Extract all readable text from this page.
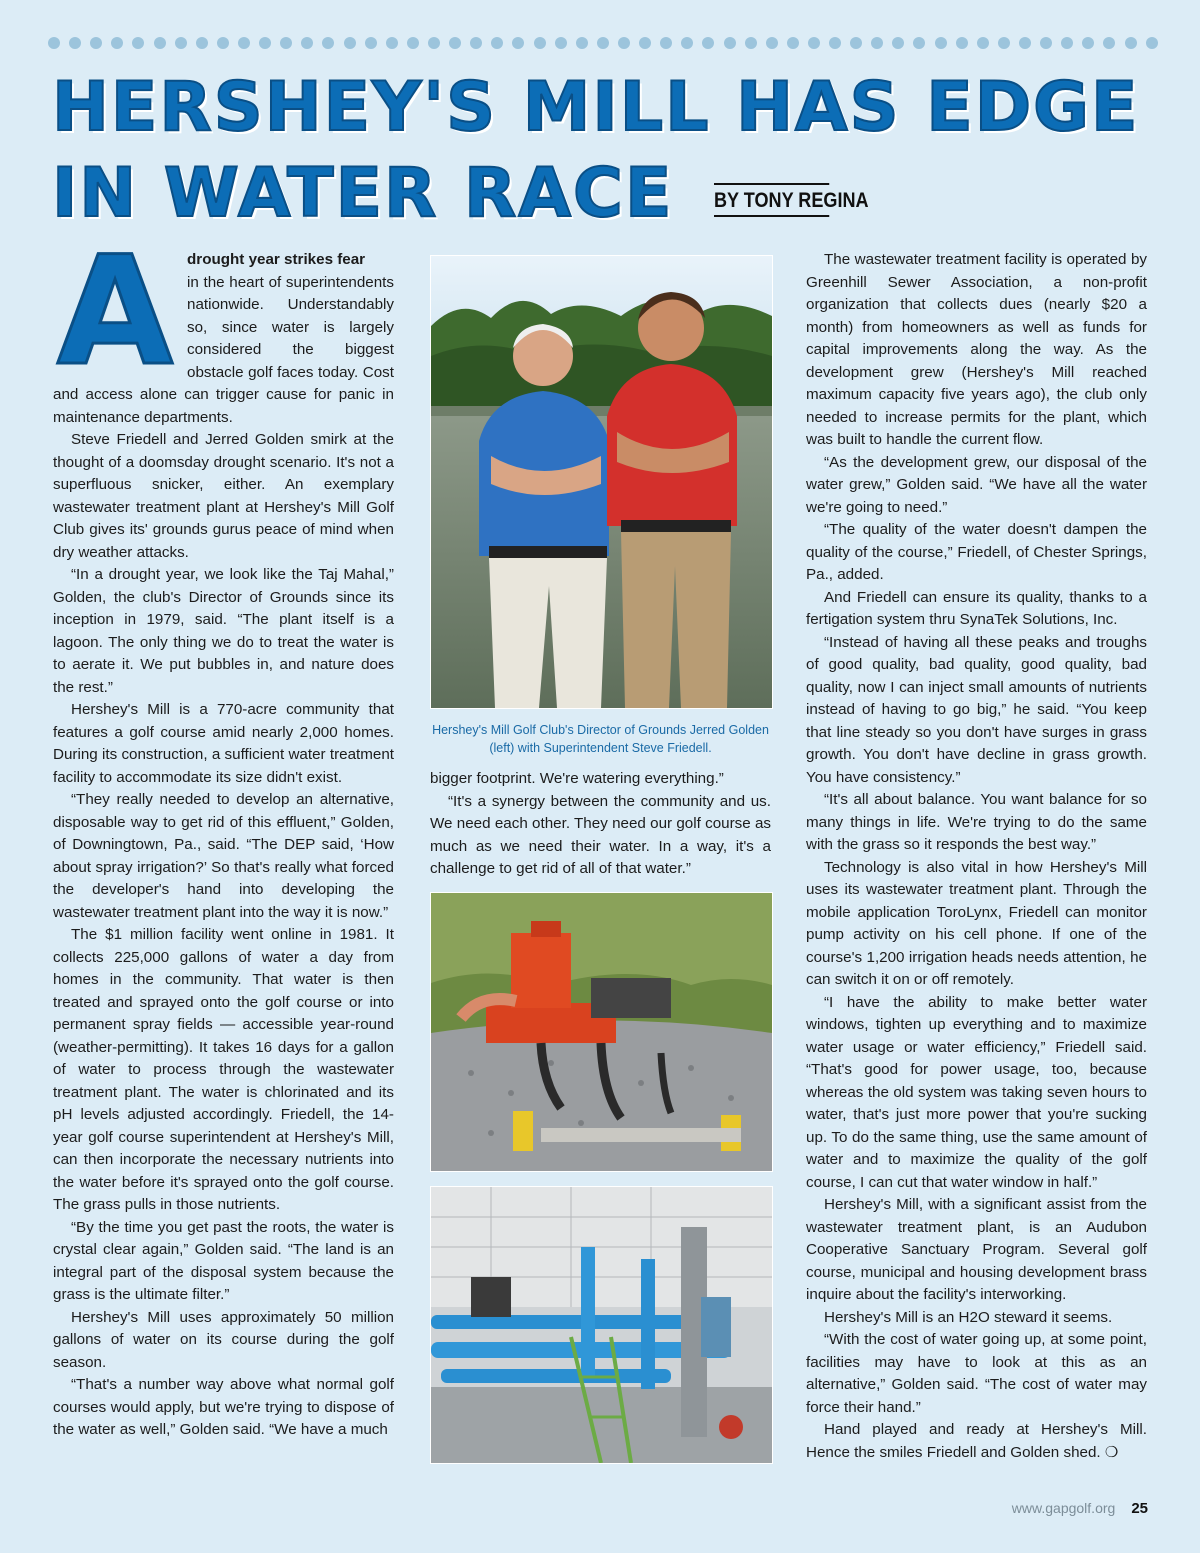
HERSHEY'S MILL HAS EDGE
IN WATER RACE BY TONY REGINA
A drought year strikes fear
in the heart of superintendents nationwide. Understandably so, since water is largely considered the biggest obstacle golf faces today. Cost and access alone can trigger cause for panic in maintenance departments.

Steve Friedell and Jerred Golden smirk at the thought of a doomsday drought scenario. It's not a superfluous snicker, either. An exemplary wastewater treatment plant at Hershey's Mill Golf Club gives its' grounds gurus peace of mind when dry weather attacks.

“In a drought year, we look like the Taj Mahal,” Golden, the club's Director of Grounds since its inception in 1979, said. “The plant itself is a lagoon. The only thing we do to treat the water is to aerate it. We put bubbles in, and nature does the rest.”

Hershey's Mill is a 770-acre community that features a golf course amid nearly 2,000 homes. During its construction, a sufficient water treatment facility to accommodate its size didn't exist.

“They really needed to develop an alternative, disposable way to get rid of this effluent,” Golden, of Downingtown, Pa., said. “The DEP said, ‘How about spray irrigation?’ So that's really what forced the developer's hand into developing the wastewater treatment plant into the way it is now.”

The $1 million facility went online in 1981. It collects 225,000 gallons of water a day from homes in the community. That water is then treated and sprayed onto the golf course or into permanent spray fields — accessible year-round (weather-permitting). It takes 16 days for a gallon of water to process through the wastewater treatment plant. The water is chlorinated and its pH levels adjusted accordingly. Friedell, the 14-year golf course superintendent at Hershey's Mill, can then incorporate the necessary nutrients into the water before it's sprayed onto the golf course. The grass pulls in those nutrients.

“By the time you get past the roots, the water is crystal clear again,” Golden said. “The land is an integral part of the disposal system because the grass is the ultimate filter.”

Hershey's Mill uses approximately 50 million gallons of water on its course during the golf season.

“That's a number way above what normal golf courses would apply, but we're trying to dispose of the water as well,” Golden said. “We have a much

Hershey's Mill Golf Club's Director of Grounds Jerred Golden (left) with Superintendent Steve Friedell.

bigger footprint. We're watering everything.”

“It's a synergy between the community and us. We need each other. They need our golf course as much as we need their water. In a way, it's a challenge to get rid of all of that water.”

The wastewater treatment facility is operated by Greenhill Sewer Association, a non-profit organization that collects dues (nearly $20 a month) from homeowners as well as funds for capital improvements along the way. As the development grew (Hershey's Mill reached maximum capacity five years ago), the club only needed to increase permits for the plant, which was built to handle the current flow.

“As the development grew, our disposal of the water grew,” Golden said. “We have all the water we're going to need.”

“The quality of the water doesn't dampen the quality of the course,” Friedell, of Chester Springs, Pa., added.

And Friedell can ensure its quality, thanks to a fertigation system thru SynaTek Solutions, Inc.

“Instead of having all these peaks and troughs of good quality, bad quality, good quality, bad quality, now I can inject small amounts of nutrients instead of having to go big,” he said. “You keep that line steady so you don't have surges in grass growth. You don't have decline in grass growth. You have consistency.”

“It's all about balance. You want balance for so many things in life. We're trying to do the same with the grass so it responds the best way.”

Technology is also vital in how Hershey's Mill uses its wastewater treatment plant. Through the mobile application ToroLynx, Friedell can monitor pump activity on his cell phone. If one of the course's 1,200 irrigation heads needs attention, he can switch it on or off remotely.

“I have the ability to make better water windows, tighten up everything and to maximize water usage or water efficiency,” Friedell said. “That's good for power usage, too, because whereas the old system was taking seven hours to water, that's just more power that you're sucking up. To do the same thing, use the same amount of water and to maximize the quality of the golf course, I can cut that water window in half.”

Hershey's Mill, with a significant assist from the wastewater treatment plant, is an Audubon Cooperative Sanctuary Program. Several golf course, municipal and housing development brass inquire about the facility's interworking.

Hershey's Mill is an H2O steward it seems.

“With the cost of water going up, at some point, facilities may have to look at this as an alternative,” Golden said. “The cost of water may force their hand.”

Hand played and ready at Hershey's Mill. Hence the smiles Friedell and Golden shed. ❍

www.gapgolf.org 25
